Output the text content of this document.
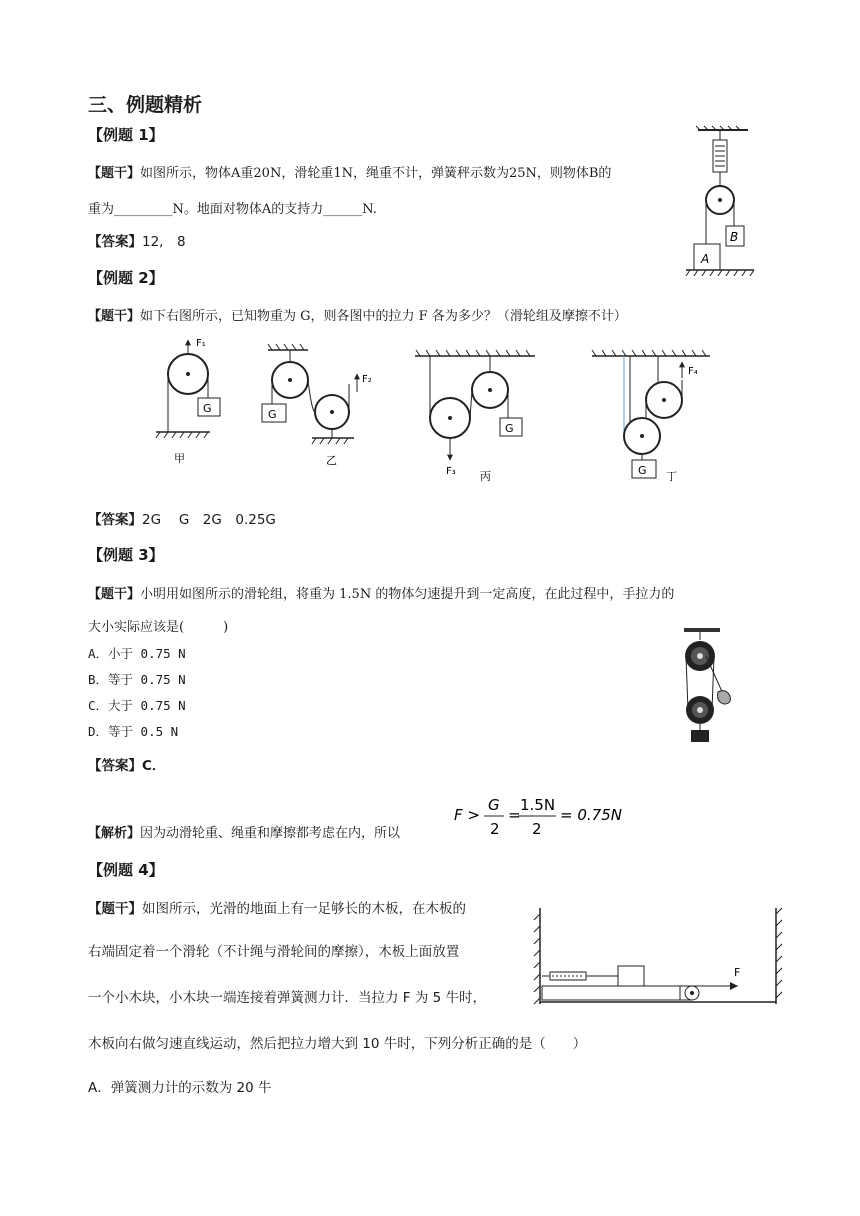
三、例题精析
【例题 1】
【题干】如图所示，物体A重20N，滑轮重1N，绳重不计，弹簧秤示数为25N，则物体B的
重为_________N。地面对物体A的支持力______N.
【答案】12,　8	B
A
【例题 2】
【题干】如下右图所示，已知物重为 G，则各图中的拉力 F 各为多少？（滑轮组及摩擦不计）
F₁
G
甲
G
F₂
乙
G
F₃ 丙
F₄
G 丁
【答案】2G　 G　2G　0.25G
【例题 3】
【题干】小明用如图所示的滑轮组，将重为 1.5N 的物体匀速提升到一定高度，在此过程中，手拉力的
大小实际应该是(　　　)
A．小于 0.75 N
B．等于 0.75 N
C．大于 0.75 N
D．等于 0.5 N
【答案】C．
【解析】因为动滑轮重、绳重和摩擦都考虑在内，所以
F >
G
2
=
1.5N
2
= 0.75N
【例题 4】
【题干】如图所示，光滑的地面上有一足够长的木板，在木板的
右端固定着一个滑轮（不计绳与滑轮间的摩擦），木板上面放置
一个小木块，小木块一端连接着弹簧测力计．当拉力 F 为 5 牛时，
木板向右做匀速直线运动，然后把拉力增大到 10 牛时，下列分析正确的是（　　）
A．弹簧测力计的示数为 20 牛
F
